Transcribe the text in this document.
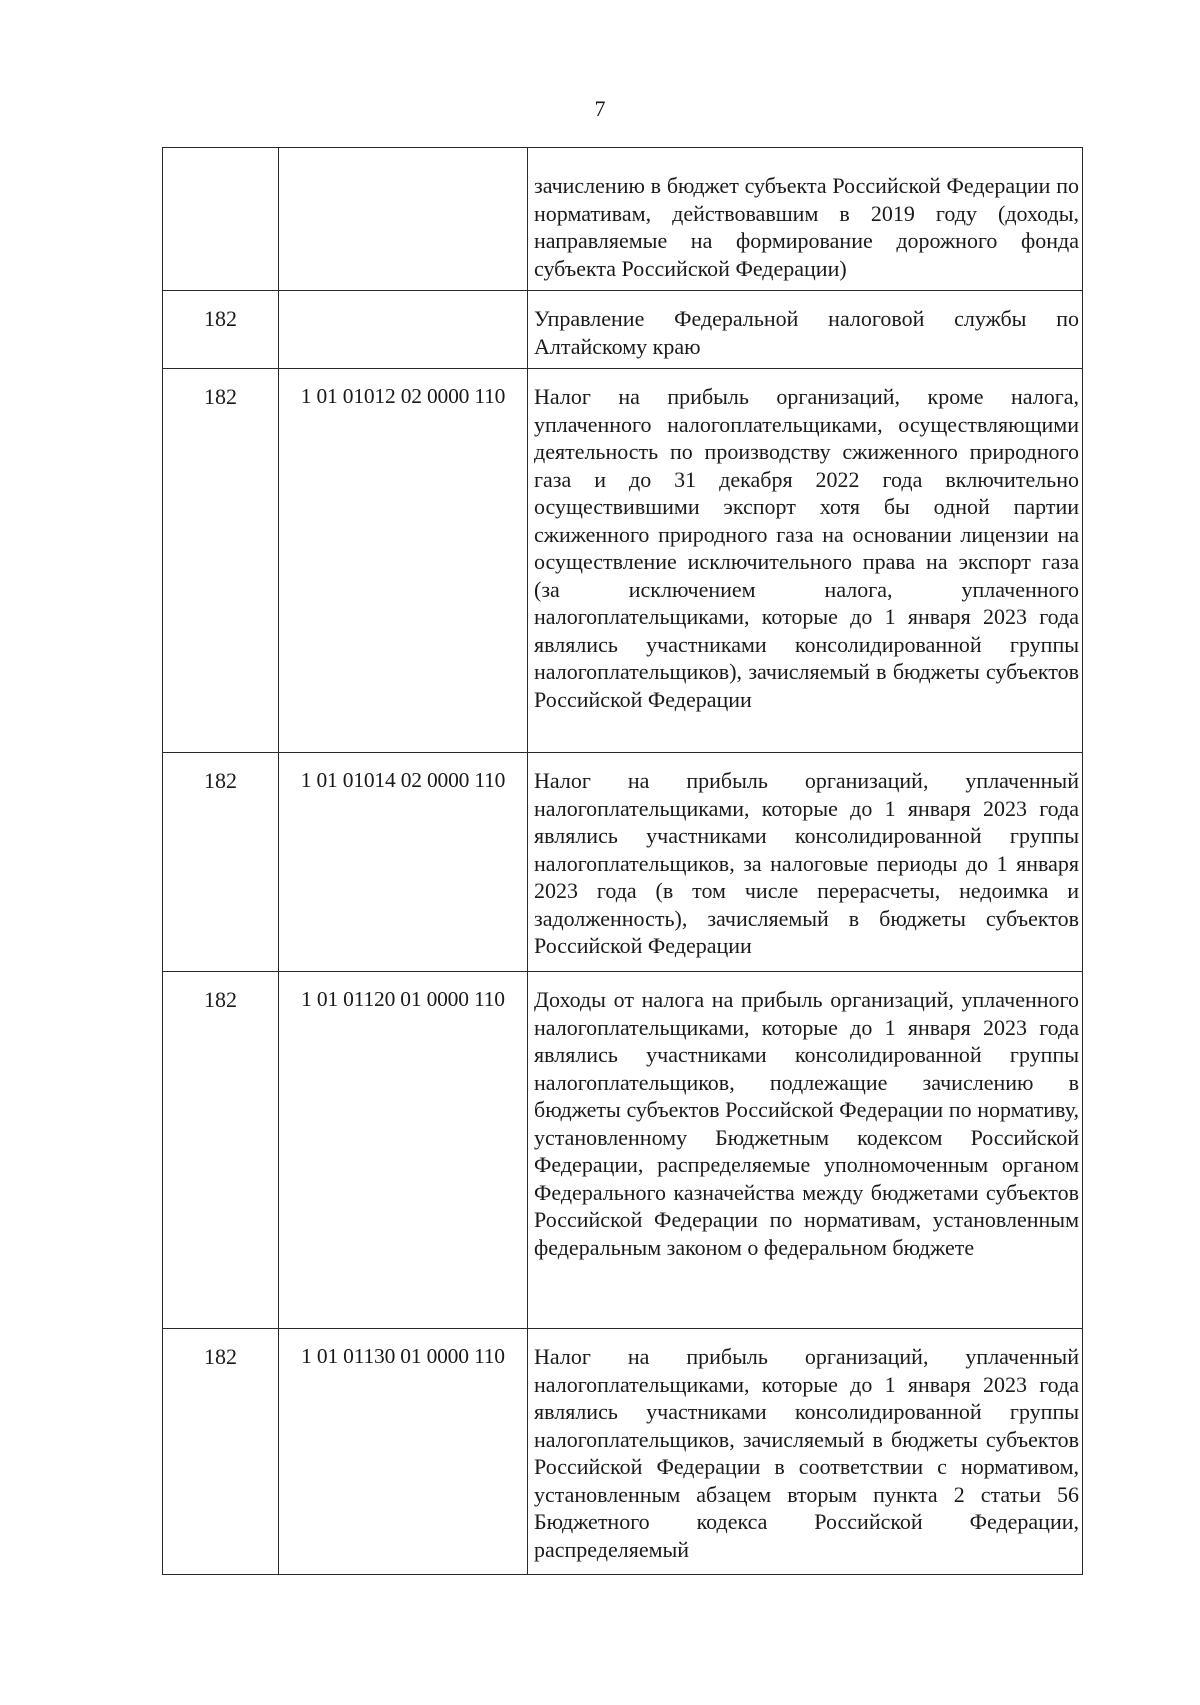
7
		зачислению в бюджет субъекта Российской Федерации по нормативам, действовавшим в 2019 году (доходы, направляемые на формирование дорожного фонда субъекта Российской Федерации)
182		Управление Федеральной налоговой службы по Алтайскому краю
182	1 01 01012 02 0000 110	Налог на прибыль организаций, кроме налога, уплаченного налогоплательщиками, осуществляющими деятельность по производству сжиженного природного газа и до 31 декабря 2022 года включительно осуществившими экспорт хотя бы одной партии сжиженного природного газа на основании лицензии на осуществление исключительного права на экспорт газа (за исключением налога, уплаченного налогоплательщиками, которые до 1 января 2023 года являлись участниками консолидированной группы налогоплательщиков), зачисляемый в бюджеты субъектов Российской Федерации
182	1 01 01014 02 0000 110	Налог на прибыль организаций, уплаченный налогоплательщиками, которые до 1 января 2023 года являлись участниками консолидированной группы налогоплательщиков, за налоговые периоды до 1 января 2023 года (в том числе перерасчеты, недоимка и задолженность), зачисляемый в бюджеты субъектов Российской Федерации
182	1 01 01120 01 0000 110	Доходы от налога на прибыль организаций, уплаченного налогоплательщиками, которые до 1 января 2023 года являлись участниками консолидированной группы налогоплательщиков, подлежащие зачислению в бюджеты субъектов Российской Федерации по нормативу, установленному Бюджетным кодексом Российской Федерации, распределяемые уполномоченным органом Федерального казначейства между бюджетами субъектов Российской Федерации по нормативам, установленным федеральным законом о федеральном бюджете
182	1 01 01130 01 0000 110	Налог на прибыль организаций, уплаченный налогоплательщиками, которые до 1 января 2023 года являлись участниками консолидированной группы налогоплательщиков, зачисляемый в бюджеты субъектов Российской Федерации в соответствии с нормативом, установленным абзацем вторым пункта 2 статьи 56 Бюджетного кодекса Российской Федерации, распределяемый
